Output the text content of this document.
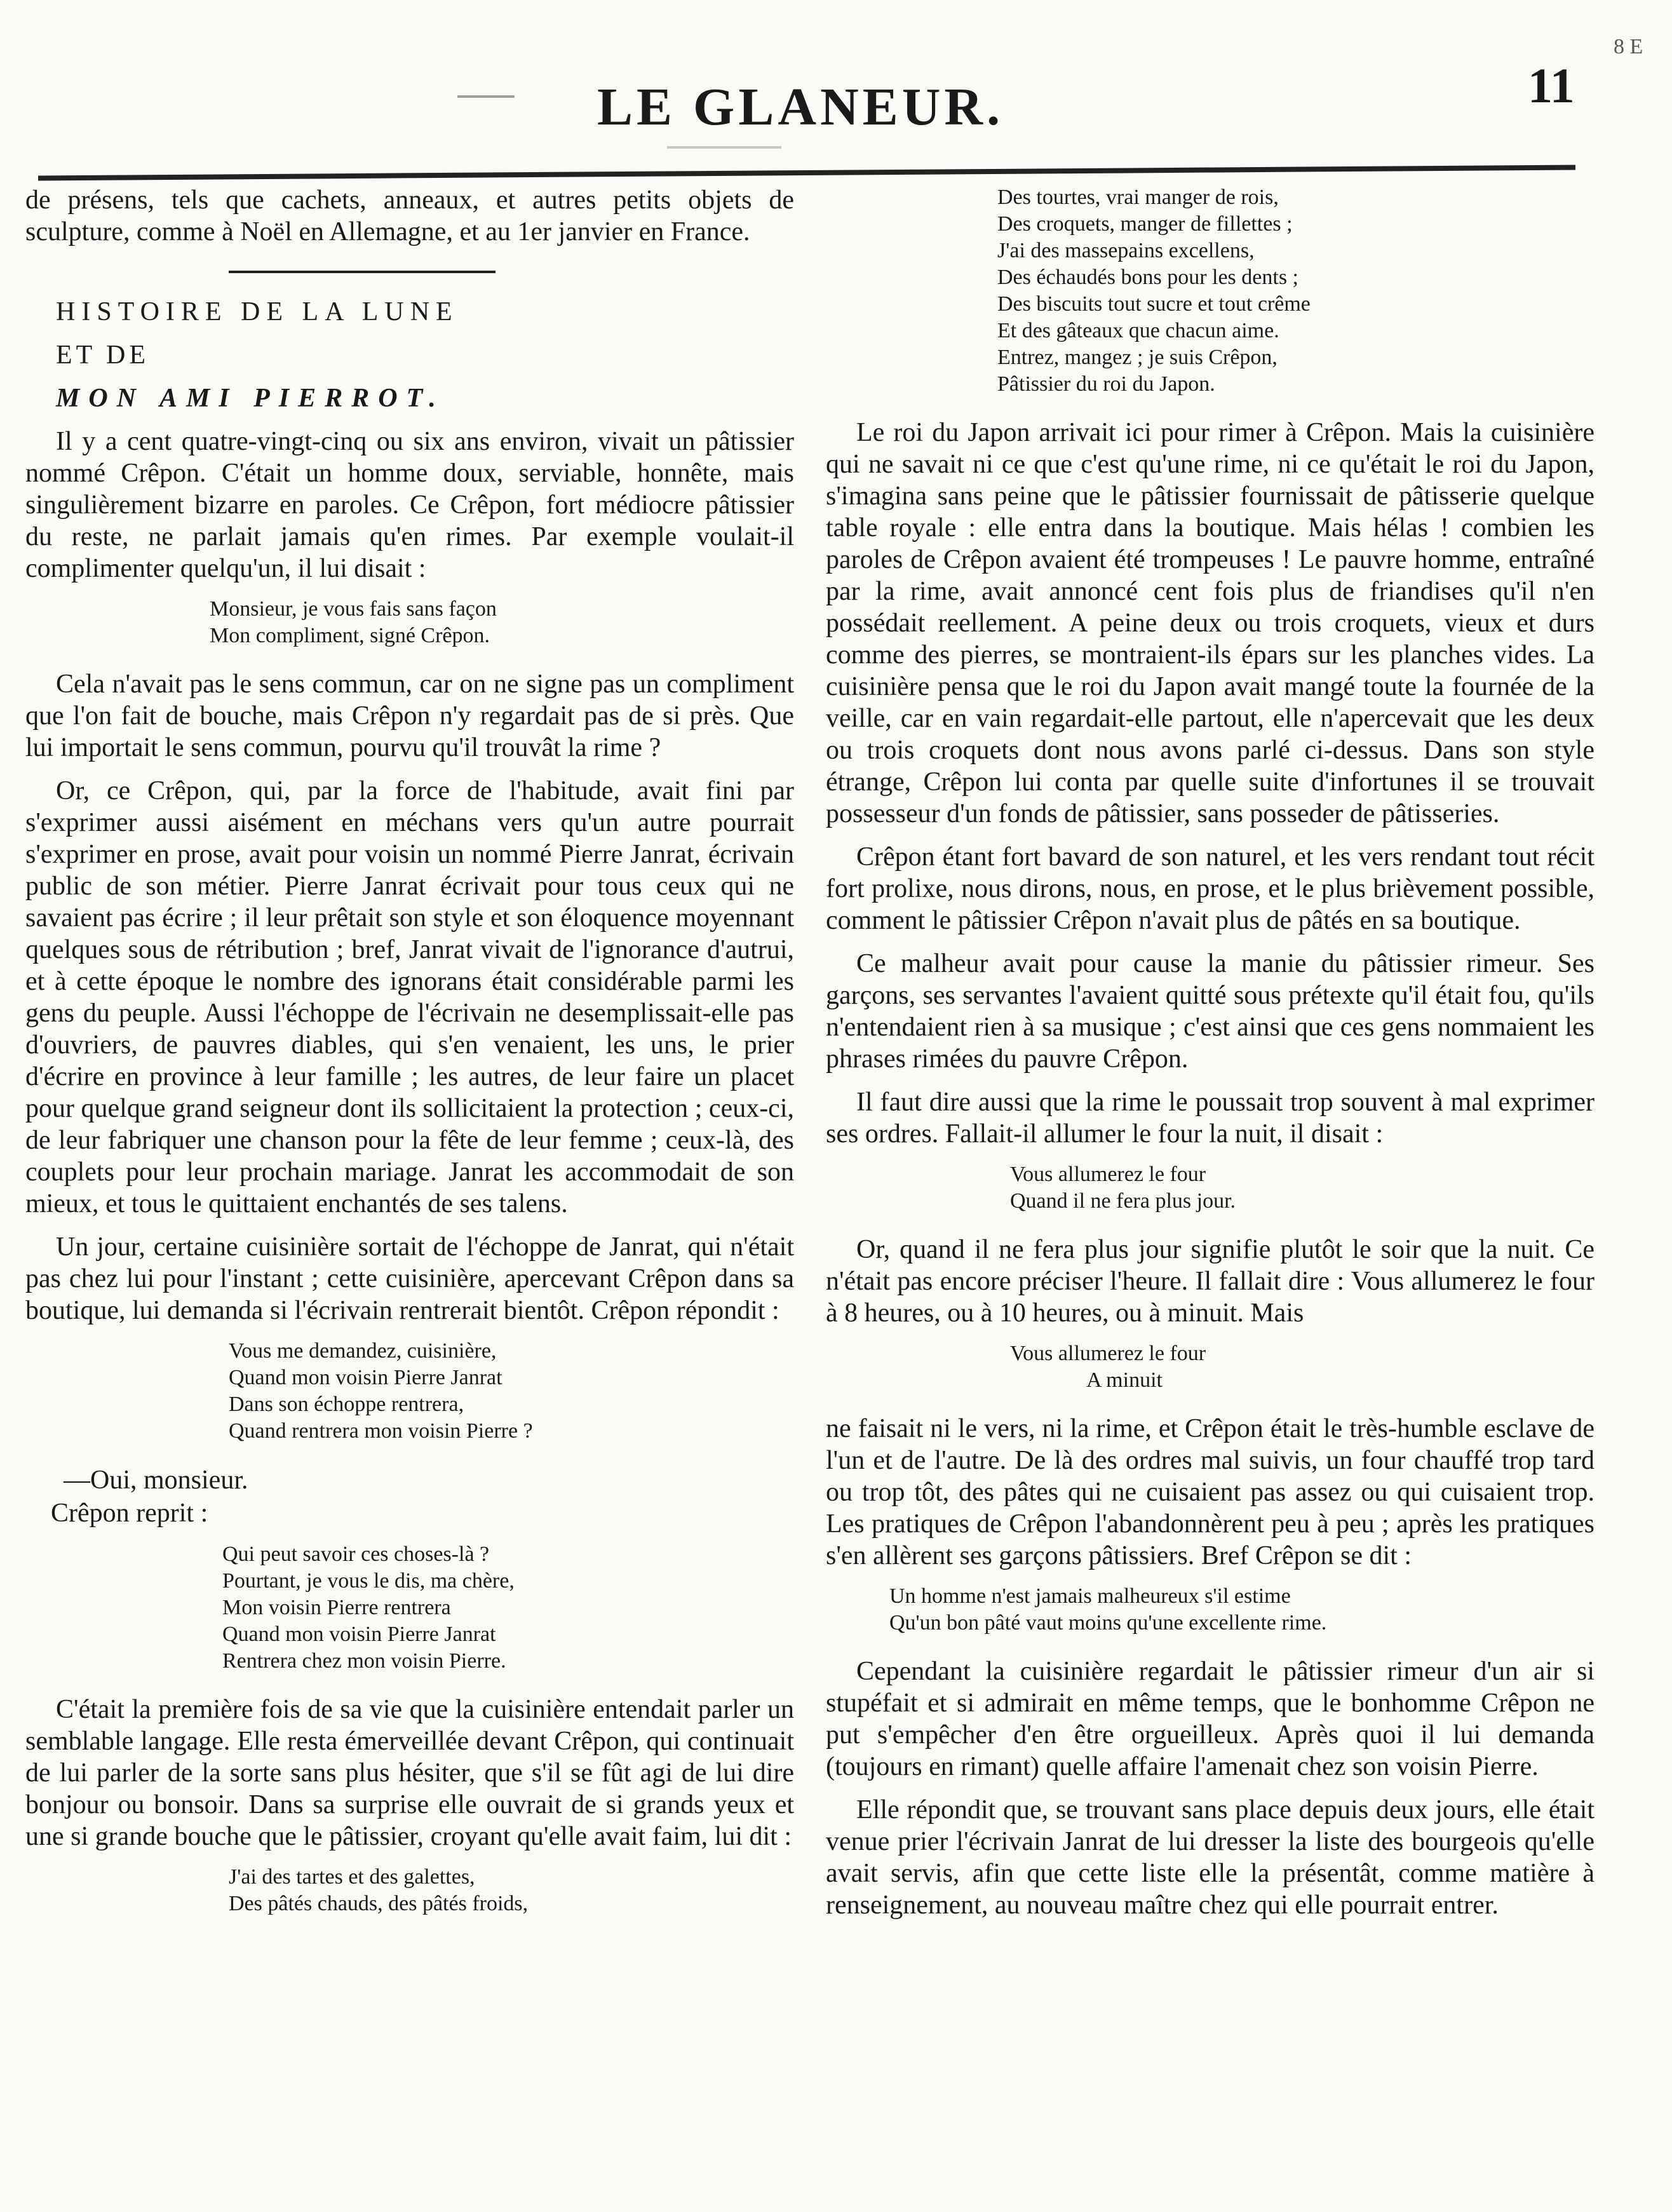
8 E
LE GLANEUR.	11

de présens, tels que cachets, anneaux, et autres petits objets de sculpture, comme à Noël en Allemagne, et au 1er janvier en France.

HISTOIRE DE LA LUNE

ET DE

MON AMI PIERROT.

Il y a cent quatre-vingt-cinq ou six ans environ, vivait un pâtissier nommé Crêpon. C'était un homme doux, serviable, honnête, mais singulièrement bizarre en paroles. Ce Crêpon, fort médiocre pâtissier du reste, ne parlait jamais qu'en rimes. Par exemple voulait-il complimenter quelqu'un, il lui disait :

Monsieur, je vous fais sans façon
Mon compliment, signé Crêpon.

Cela n'avait pas le sens commun, car on ne signe pas un compliment que l'on fait de bouche, mais Crêpon n'y regardait pas de si près. Que lui importait le sens commun, pourvu qu'il trouvât la rime ?

Or, ce Crêpon, qui, par la force de l'habitude, avait fini par s'exprimer aussi aisément en méchans vers qu'un autre pourrait s'exprimer en prose, avait pour voisin un nommé Pierre Janrat, écrivain public de son métier. Pierre Janrat écrivait pour tous ceux qui ne savaient pas écrire ; il leur prêtait son style et son éloquence moyennant quelques sous de rétribution ; bref, Janrat vivait de l'ignorance d'autrui, et à cette époque le nombre des ignorans était considérable parmi les gens du peuple. Aussi l'échoppe de l'écrivain ne desemplissait-elle pas d'ouvriers, de pauvres diables, qui s'en venaient, les uns, le prier d'écrire en province à leur famille ; les autres, de leur faire un placet pour quelque grand seigneur dont ils sollicitaient la protection ; ceux-ci, de leur fabriquer une chanson pour la fête de leur femme ; ceux-là, des couplets pour leur prochain mariage. Janrat les accommodait de son mieux, et tous le quittaient enchantés de ses talens.

Un jour, certaine cuisinière sortait de l'échoppe de Janrat, qui n'était pas chez lui pour l'instant ; cette cuisinière, apercevant Crêpon dans sa boutique, lui demanda si l'écrivain rentrerait bientôt. Crêpon répondit :

Vous me demandez, cuisinière,
Quand mon voisin Pierre Janrat
Dans son échoppe rentrera,
Quand rentrera mon voisin Pierre ?
—Oui, monsieur.
Crêpon reprit :
Qui peut savoir ces choses-là ?
Pourtant, je vous le dis, ma chère,
Mon voisin Pierre rentrera
Quand mon voisin Pierre Janrat
Rentrera chez mon voisin Pierre.

C'était la première fois de sa vie que la cuisinière entendait parler un semblable langage. Elle resta émerveillée devant Crêpon, qui continuait de lui parler de la sorte sans plus hésiter, que s'il se fût agi de lui dire bonjour ou bonsoir. Dans sa surprise elle ouvrait de si grands yeux et une si grande bouche que le pâtissier, croyant qu'elle avait faim, lui dit :

J'ai des tartes et des galettes,
Des pâtés chauds, des pâtés froids,
Des tourtes, vrai manger de rois,
Des croquets, manger de fillettes ;
J'ai des massepains excellens,
Des échaudés bons pour les dents ;
Des biscuits tout sucre et tout crême
Et des gâteaux que chacun aime.
Entrez, mangez ; je suis Crêpon,
Pâtissier du roi du Japon.

Le roi du Japon arrivait ici pour rimer à Crêpon. Mais la cuisinière qui ne savait ni ce que c'est qu'une rime, ni ce qu'était le roi du Japon, s'imagina sans peine que le pâtissier fournissait de pâtisserie quelque table royale : elle entra dans la boutique. Mais hélas ! combien les paroles de Crêpon avaient été trompeuses ! Le pauvre homme, entraîné par la rime, avait annoncé cent fois plus de friandises qu'il n'en possédait reellement. A peine deux ou trois croquets, vieux et durs comme des pierres, se montraient-ils épars sur les planches vides. La cuisinière pensa que le roi du Japon avait mangé toute la fournée de la veille, car en vain regardait-elle partout, elle n'apercevait que les deux ou trois croquets dont nous avons parlé ci-dessus. Dans son style étrange, Crêpon lui conta par quelle suite d'infortunes il se trouvait possesseur d'un fonds de pâtissier, sans posseder de pâtisseries.

Crêpon étant fort bavard de son naturel, et les vers rendant tout récit fort prolixe, nous dirons, nous, en prose, et le plus brièvement possible, comment le pâtissier Crêpon n'avait plus de pâtés en sa boutique.

Ce malheur avait pour cause la manie du pâtissier rimeur. Ses garçons, ses servantes l'avaient quitté sous prétexte qu'il était fou, qu'ils n'entendaient rien à sa musique ; c'est ainsi que ces gens nommaient les phrases rimées du pauvre Crêpon.

Il faut dire aussi que la rime le poussait trop souvent à mal exprimer ses ordres. Fallait-il allumer le four la nuit, il disait :

Vous allumerez le four
Quand il ne fera plus jour.

Or, quand il ne fera plus jour signifie plutôt le soir que la nuit. Ce n'était pas encore préciser l'heure. Il fallait dire : Vous allumerez le four à 8 heures, ou à 10 heures, ou à minuit. Mais

Vous allumerez le four
A minuit

ne faisait ni le vers, ni la rime, et Crêpon était le très-humble esclave de l'un et de l'autre. De là des ordres mal suivis, un four chauffé trop tard ou trop tôt, des pâtes qui ne cuisaient pas assez ou qui cuisaient trop. Les pratiques de Crêpon l'abandonnèrent peu à peu ; après les pratiques s'en allèrent ses garçons pâtissiers. Bref Crêpon se dit :

Un homme n'est jamais malheureux s'il estime
Qu'un bon pâté vaut moins qu'une excellente rime.

Cependant la cuisinière regardait le pâtissier rimeur d'un air si stupéfait et si admirait en même temps, que le bonhomme Crêpon ne put s'empêcher d'en être orgueilleux. Après quoi il lui demanda (toujours en rimant) quelle affaire l'amenait chez son voisin Pierre.

Elle répondit que, se trouvant sans place depuis deux jours, elle était venue prier l'écrivain Janrat de lui dresser la liste des bourgeois qu'elle avait servis, afin que cette liste elle la présentât, comme matière à renseignement, au nouveau maître chez qui elle pourrait entrer.
